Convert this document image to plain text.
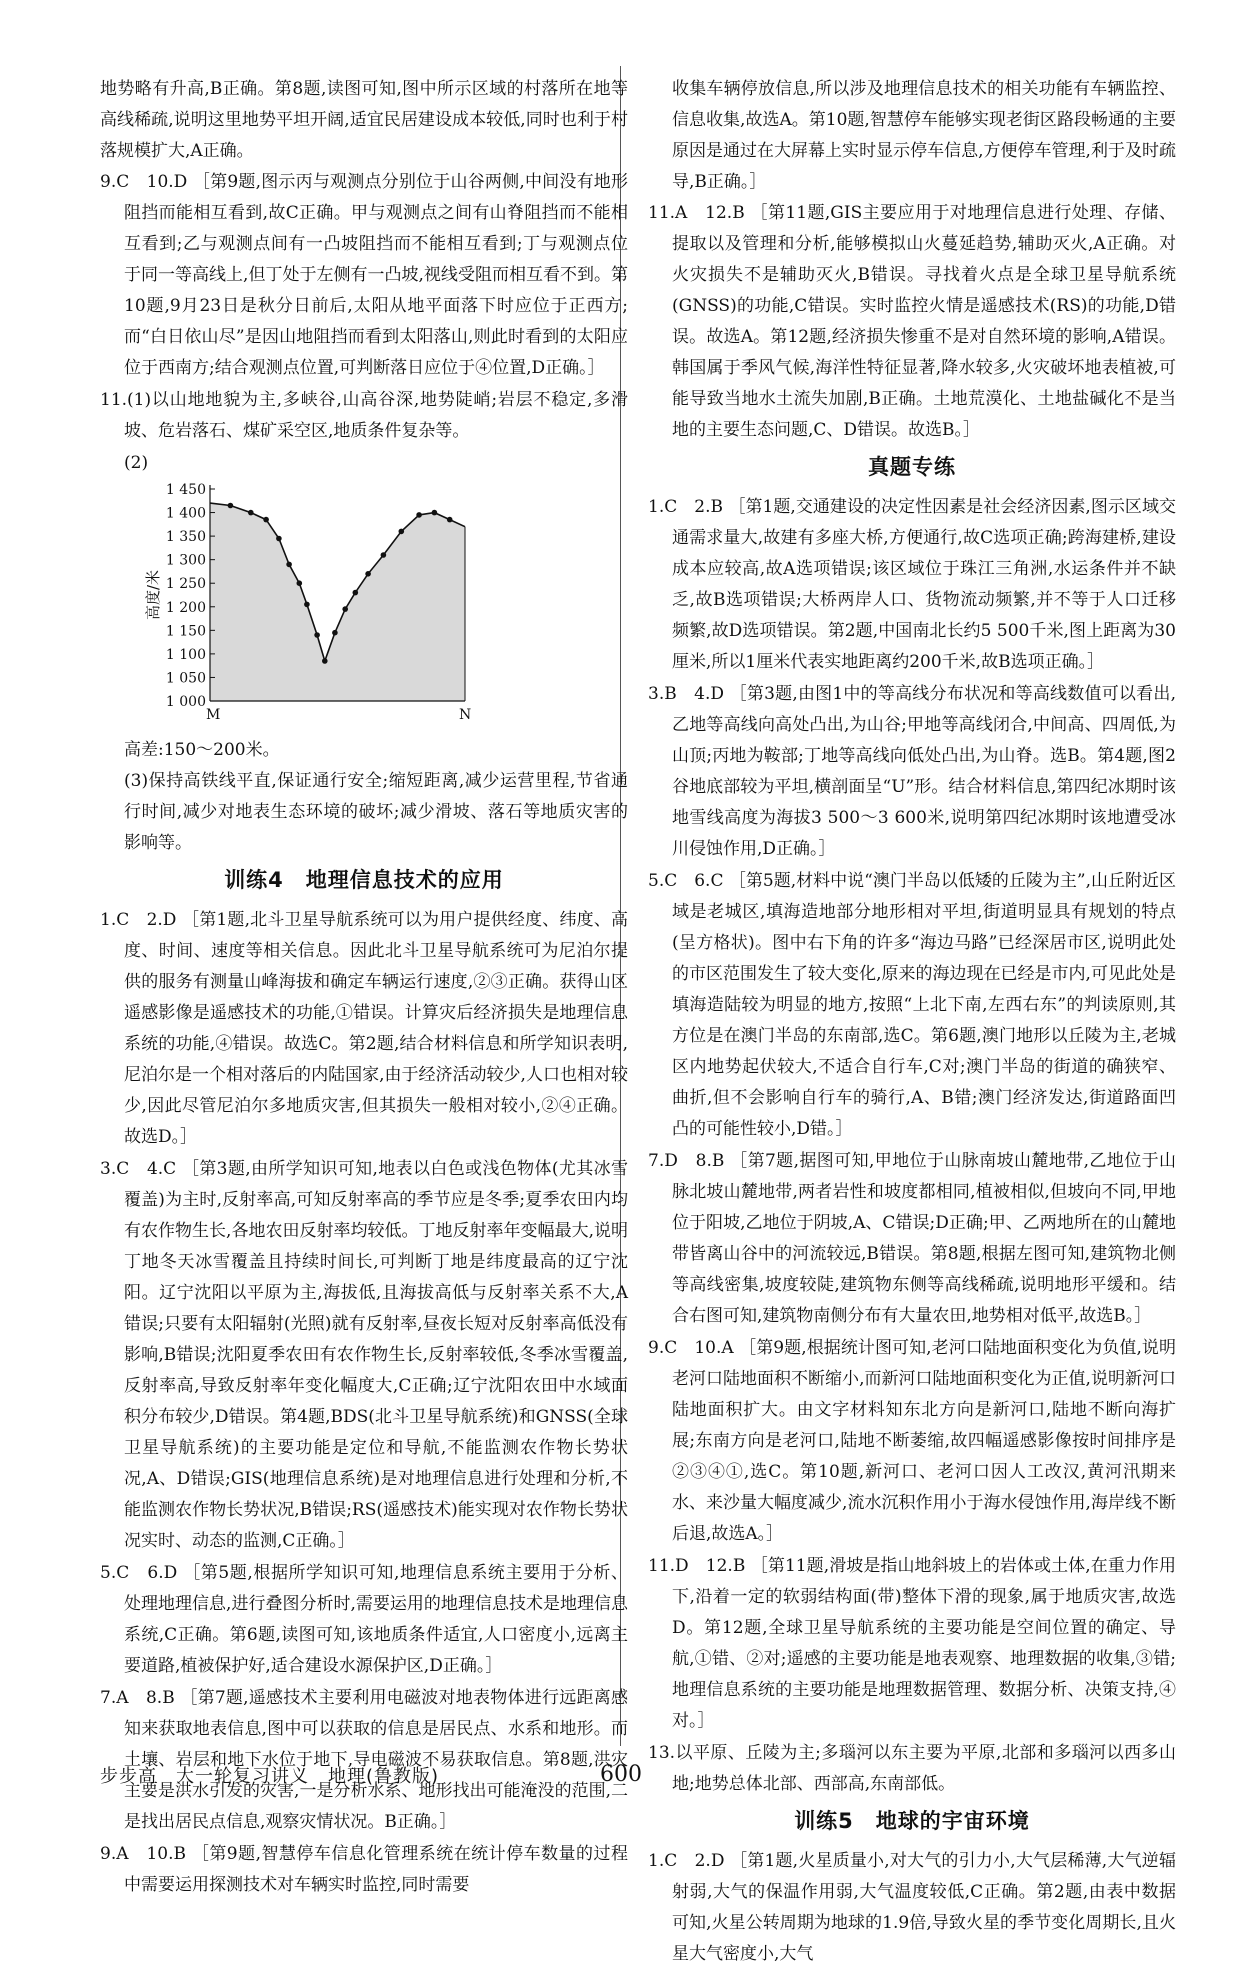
地势略有升高,B正确。第8题,读图可知,图中所示区域的村落所在地等高线稀疏,说明这里地势平坦开阔,适宜民居建设成本较低,同时也利于村落规模扩大,A正确。

9.C　10.D ［第9题,图示丙与观测点分别位于山谷两侧,中间没有地形阻挡而能相互看到,故C正确。甲与观测点之间有山脊阻挡而不能相互看到;乙与观测点间有一凸坡阻挡而不能相互看到;丁与观测点位于同一等高线上,但丁处于左侧有一凸坡,视线受阻而相互看不到。第10题,9月23日是秋分日前后,太阳从地平面落下时应位于正西方;而“白日依山尽”是因山地阻挡而看到太阳落山,则此时看到的太阳应位于西南方;结合观测点位置,可判断落日应位于④位置,D正确。］

11.(1)以山地地貌为主,多峡谷,山高谷深,地势陡峭;岩层不稳定,多滑坡、危岩落石、煤矿采空区,地质条件复杂等。

(2)

1 000
1 050
1 100
1 150
1 200
1 250
1 300
1 350
1 400
1 450
高度/米
M	N

高差:150～200米。

(3)保持高铁线平直,保证通行安全;缩短距离,减少运营里程,节省通行时间,减少对地表生态环境的破坏;减少滑坡、落石等地质灾害的影响等。

训练4　地理信息技术的应用

1.C　2.D ［第1题,北斗卫星导航系统可以为用户提供经度、纬度、高度、时间、速度等相关信息。因此北斗卫星导航系统可为尼泊尔提供的服务有测量山峰海拔和确定车辆运行速度,②③正确。获得山区遥感影像是遥感技术的功能,①错误。计算灾后经济损失是地理信息系统的功能,④错误。故选C。第2题,结合材料信息和所学知识表明,尼泊尔是一个相对落后的内陆国家,由于经济活动较少,人口也相对较少,因此尽管尼泊尔多地质灾害,但其损失一般相对较小,②④正确。故选D。］

3.C　4.C ［第3题,由所学知识可知,地表以白色或浅色物体(尤其冰雪覆盖)为主时,反射率高,可知反射率高的季节应是冬季;夏季农田内均有农作物生长,各地农田反射率均较低。丁地反射率年变幅最大,说明丁地冬天冰雪覆盖且持续时间长,可判断丁地是纬度最高的辽宁沈阳。辽宁沈阳以平原为主,海拔低,且海拔高低与反射率关系不大,A错误;只要有太阳辐射(光照)就有反射率,昼夜长短对反射率高低没有影响,B错误;沈阳夏季农田有农作物生长,反射率较低,冬季冰雪覆盖,反射率高,导致反射率年变化幅度大,C正确;辽宁沈阳农田中水域面积分布较少,D错误。第4题,BDS(北斗卫星导航系统)和GNSS(全球卫星导航系统)的主要功能是定位和导航,不能监测农作物长势状况,A、D错误;GIS(地理信息系统)是对地理信息进行处理和分析,不能监测农作物长势状况,B错误;RS(遥感技术)能实现对农作物长势状况实时、动态的监测,C正确。］

5.C　6.D ［第5题,根据所学知识可知,地理信息系统主要用于分析、处理地理信息,进行叠图分析时,需要运用的地理信息技术是地理信息系统,C正确。第6题,读图可知,该地质条件适宜,人口密度小,远离主要道路,植被保护好,适合建设水源保护区,D正确。］

7.A　8.B ［第7题,遥感技术主要利用电磁波对地表物体进行远距离感知来获取地表信息,图中可以获取的信息是居民点、水系和地形。而土壤、岩层和地下水位于地下,导电磁波不易获取信息。第8题,洪灾主要是洪水引发的灾害,一是分析水系、地形找出可能淹没的范围,二是找出居民点信息,观察灾情状况。B正确。］

9.A　10.B ［第9题,智慧停车信息化管理系统在统计停车数量的过程中需要运用探测技术对车辆实时监控,同时需要

收集车辆停放信息,所以涉及地理信息技术的相关功能有车辆监控、信息收集,故选A。第10题,智慧停车能够实现老街区路段畅通的主要原因是通过在大屏幕上实时显示停车信息,方便停车管理,利于及时疏导,B正确。］

11.A　12.B ［第11题,GIS主要应用于对地理信息进行处理、存储、提取以及管理和分析,能够模拟山火蔓延趋势,辅助灭火,A正确。对火灾损失不是辅助灭火,B错误。寻找着火点是全球卫星导航系统(GNSS)的功能,C错误。实时监控火情是遥感技术(RS)的功能,D错误。故选A。第12题,经济损失惨重不是对自然环境的影响,A错误。韩国属于季风气候,海洋性特征显著,降水较多,火灾破坏地表植被,可能导致当地水土流失加剧,B正确。土地荒漠化、土地盐碱化不是当地的主要生态问题,C、D错误。故选B。］

真题专练

1.C　2.B ［第1题,交通建设的决定性因素是社会经济因素,图示区域交通需求量大,故建有多座大桥,方便通行,故C选项正确;跨海建桥,建设成本应较高,故A选项错误;该区域位于珠江三角洲,水运条件并不缺乏,故B选项错误;大桥两岸人口、货物流动频繁,并不等于人口迁移频繁,故D选项错误。第2题,中国南北长约5 500千米,图上距离为30厘米,所以1厘米代表实地距离约200千米,故B选项正确。］

3.B　4.D ［第3题,由图1中的等高线分布状况和等高线数值可以看出,乙地等高线向高处凸出,为山谷;甲地等高线闭合,中间高、四周低,为山顶;丙地为鞍部;丁地等高线向低处凸出,为山脊。选B。第4题,图2谷地底部较为平坦,横剖面呈“U”形。结合材料信息,第四纪冰期时该地雪线高度为海拔3 500～3 600米,说明第四纪冰期时该地遭受冰川侵蚀作用,D正确。］

5.C　6.C ［第5题,材料中说“澳门半岛以低矮的丘陵为主”,山丘附近区域是老城区,填海造地部分地形相对平坦,街道明显具有规划的特点(呈方格状)。图中右下角的许多“海边马路”已经深居市区,说明此处的市区范围发生了较大变化,原来的海边现在已经是市内,可见此处是填海造陆较为明显的地方,按照“上北下南,左西右东”的判读原则,其方位是在澳门半岛的东南部,选C。第6题,澳门地形以丘陵为主,老城区内地势起伏较大,不适合自行车,C对;澳门半岛的街道的确狭窄、曲折,但不会影响自行车的骑行,A、B错;澳门经济发达,街道路面凹凸的可能性较小,D错。］

7.D　8.B ［第7题,据图可知,甲地位于山脉南坡山麓地带,乙地位于山脉北坡山麓地带,两者岩性和坡度都相同,植被相似,但坡向不同,甲地位于阳坡,乙地位于阴坡,A、C错误;D正确;甲、乙两地所在的山麓地带皆离山谷中的河流较远,B错误。第8题,根据左图可知,建筑物北侧等高线密集,坡度较陡,建筑物东侧等高线稀疏,说明地形平缓和。结合右图可知,建筑物南侧分布有大量农田,地势相对低平,故选B。］

9.C　10.A ［第9题,根据统计图可知,老河口陆地面积变化为负值,说明老河口陆地面积不断缩小,而新河口陆地面积变化为正值,说明新河口陆地面积扩大。由文字材料知东北方向是新河口,陆地不断向海扩展;东南方向是老河口,陆地不断萎缩,故四幅遥感影像按时间排序是②③④①,选C。第10题,新河口、老河口因人工改汉,黄河汛期来水、来沙量大幅度减少,流水沉积作用小于海水侵蚀作用,海岸线不断后退,故选A。］

11.D　12.B ［第11题,滑坡是指山地斜坡上的岩体或土体,在重力作用下,沿着一定的软弱结构面(带)整体下滑的现象,属于地质灾害,故选D。第12题,全球卫星导航系统的主要功能是空间位置的确定、导航,①错、②对;遥感的主要功能是地表观察、地理数据的收集,③错;地理信息系统的主要功能是地理数据管理、数据分析、决策支持,④对。］

13.以平原、丘陵为主;多瑙河以东主要为平原,北部和多瑙河以西多山地;地势总体北部、西部高,东南部低。

训练5　地球的宇宙环境

1.C　2.D ［第1题,火星质量小,对大气的引力小,大气层稀薄,大气逆辐射弱,大气的保温作用弱,大气温度较低,C正确。第2题,由表中数据可知,火星公转周期为地球的1.9倍,导致火星的季节变化周期长,且火星大气密度小,大气

步步高　大一轮复习讲义　地理(鲁教版)	600
